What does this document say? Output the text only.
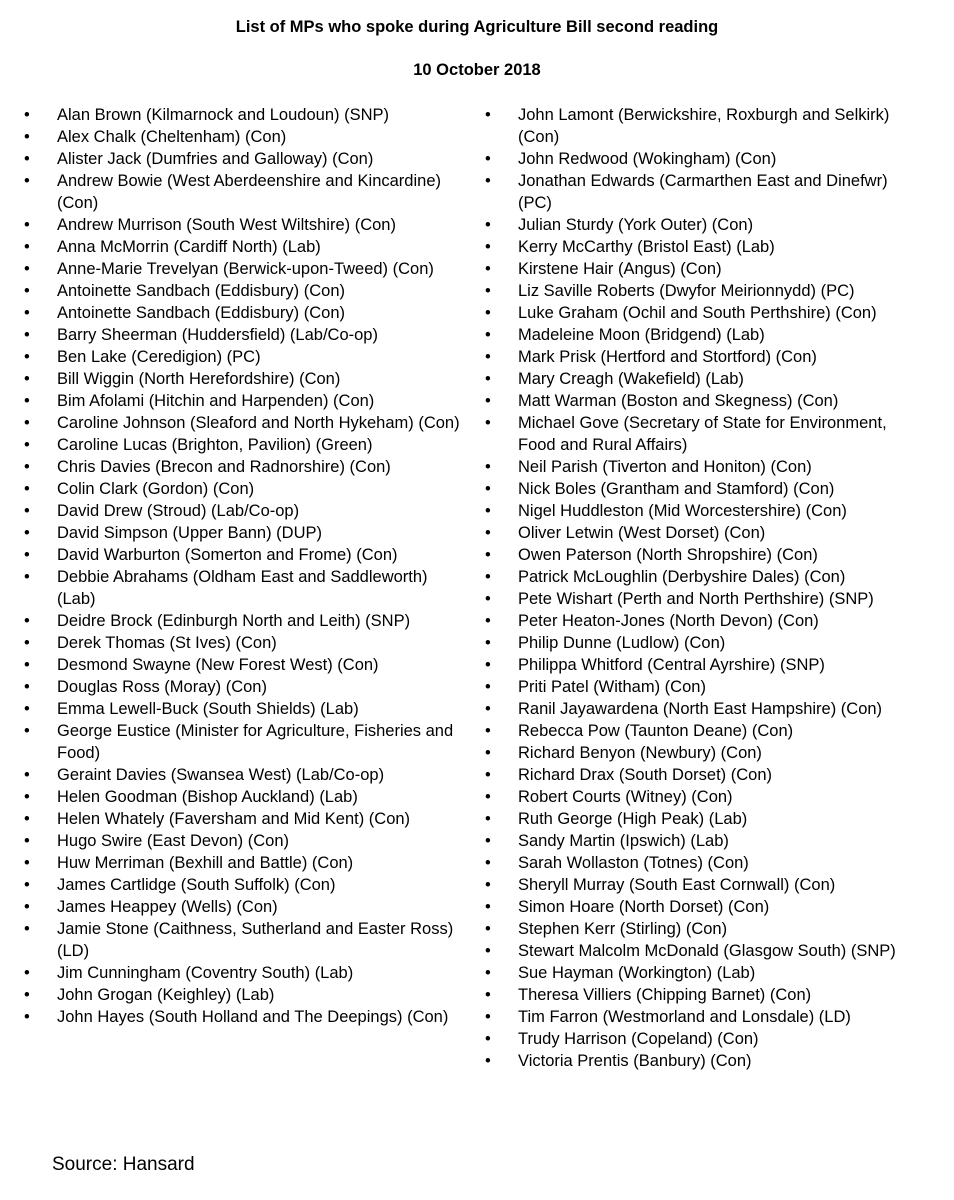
List of MPs who spoke during Agriculture Bill second reading
10 October 2018
•	Alan Brown (Kilmarnock and Loudoun) (SNP)
•	Alex Chalk (Cheltenham) (Con)
•	Alister Jack (Dumfries and Galloway) (Con)
•	Andrew Bowie (West Aberdeenshire and Kincardine) (Con)
•	Andrew Murrison (South West Wiltshire) (Con)
•	Anna McMorrin (Cardiff North) (Lab)
•	Anne-Marie Trevelyan (Berwick-upon-Tweed) (Con)
•	Antoinette Sandbach (Eddisbury) (Con)
•	Antoinette Sandbach (Eddisbury) (Con)
•	Barry Sheerman (Huddersfield) (Lab/Co-op)
•	Ben Lake (Ceredigion) (PC)
•	Bill Wiggin (North Herefordshire) (Con)
•	Bim Afolami (Hitchin and Harpenden) (Con)
•	Caroline Johnson (Sleaford and North Hykeham) (Con)
•	Caroline Lucas (Brighton, Pavilion) (Green)
•	Chris Davies (Brecon and Radnorshire) (Con)
•	Colin Clark (Gordon) (Con)
•	David Drew (Stroud) (Lab/Co-op)
•	David Simpson (Upper Bann) (DUP)
•	David Warburton (Somerton and Frome) (Con)
•	Debbie Abrahams (Oldham East and Saddleworth) (Lab)
•	Deidre Brock (Edinburgh North and Leith) (SNP)
•	Derek Thomas (St Ives) (Con)
•	Desmond Swayne (New Forest West) (Con)
•	Douglas Ross (Moray) (Con)
•	Emma Lewell-Buck (South Shields) (Lab)
•	George Eustice (Minister for Agriculture, Fisheries and Food)
•	Geraint Davies (Swansea West) (Lab/Co-op)
•	Helen Goodman (Bishop Auckland) (Lab)
•	Helen Whately (Faversham and Mid Kent) (Con)
•	Hugo Swire (East Devon) (Con)
•	Huw Merriman (Bexhill and Battle) (Con)
•	James Cartlidge (South Suffolk) (Con)
•	James Heappey (Wells) (Con)
•	Jamie Stone (Caithness, Sutherland and Easter Ross) (LD)
•	Jim Cunningham (Coventry South) (Lab)
•	John Grogan (Keighley) (Lab)
•	John Hayes (South Holland and The Deepings) (Con)
•	John Lamont (Berwickshire, Roxburgh and Selkirk) (Con)
•	John Redwood (Wokingham) (Con)
•	Jonathan Edwards (Carmarthen East and Dinefwr) (PC)
•	Julian Sturdy (York Outer) (Con)
•	Kerry McCarthy (Bristol East) (Lab)
•	Kirstene Hair (Angus) (Con)
•	Liz Saville Roberts (Dwyfor Meirionnydd) (PC)
•	Luke Graham (Ochil and South Perthshire) (Con)
•	Madeleine Moon (Bridgend) (Lab)
•	Mark Prisk (Hertford and Stortford) (Con)
•	Mary Creagh (Wakefield) (Lab)
•	Matt Warman (Boston and Skegness) (Con)
•	Michael Gove (Secretary of State for Environment, Food and Rural Affairs)
•	Neil Parish (Tiverton and Honiton) (Con)
•	Nick Boles (Grantham and Stamford) (Con)
•	Nigel Huddleston (Mid Worcestershire) (Con)
•	Oliver Letwin (West Dorset) (Con)
•	Owen Paterson (North Shropshire) (Con)
•	Patrick McLoughlin (Derbyshire Dales) (Con)
•	Pete Wishart (Perth and North Perthshire) (SNP)
•	Peter Heaton-Jones (North Devon) (Con)
•	Philip Dunne (Ludlow) (Con)
•	Philippa Whitford (Central Ayrshire) (SNP)
•	Priti Patel (Witham) (Con)
•	Ranil Jayawardena (North East Hampshire) (Con)
•	Rebecca Pow (Taunton Deane) (Con)
•	Richard Benyon (Newbury) (Con)
•	Richard Drax (South Dorset) (Con)
•	Robert Courts (Witney) (Con)
•	Ruth George (High Peak) (Lab)
•	Sandy Martin (Ipswich) (Lab)
•	Sarah Wollaston (Totnes) (Con)
•	Sheryll Murray (South East Cornwall) (Con)
•	Simon Hoare (North Dorset) (Con)
•	Stephen Kerr (Stirling) (Con)
•	Stewart Malcolm McDonald (Glasgow South) (SNP)
•	Sue Hayman (Workington) (Lab)
•	Theresa Villiers (Chipping Barnet) (Con)
•	Tim Farron (Westmorland and Lonsdale) (LD)
•	Trudy Harrison (Copeland) (Con)
•	Victoria Prentis (Banbury) (Con)
Source: Hansard
